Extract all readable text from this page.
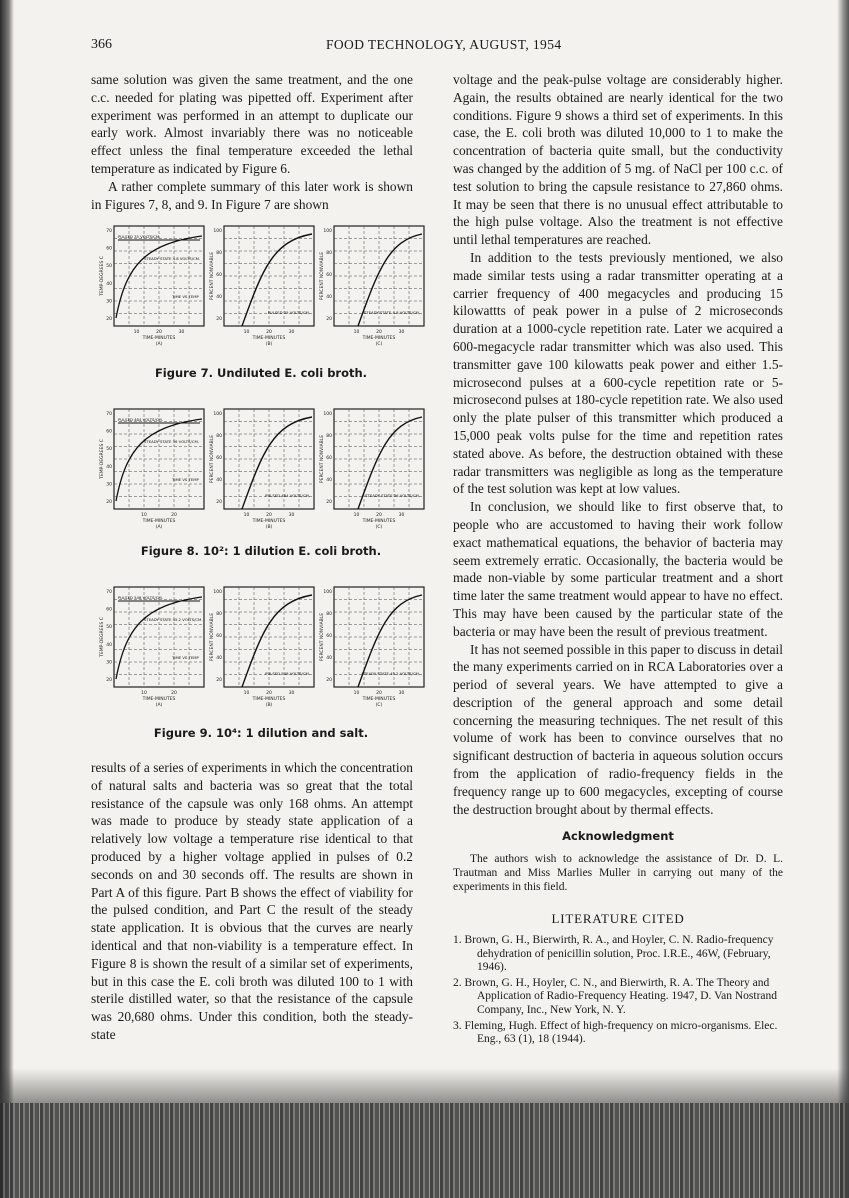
366	FOOD TECHNOLOGY, AUGUST, 1954

same solution was given the same treatment, and the one c.c. needed for plating was pipetted off. Experiment after experiment was performed in an attempt to duplicate our early work. Almost invariably there was no noticeable effect unless the final temperature exceeded the lethal temperature as indicated by Figure 6.

A rather complete summary of this later work is shown in Figures 7, 8, and 9. In Figure 7 are shown

70
60
50
40
30
20
10	20	30
TIME-MINUTES
(A)
TEMP-DEGREES C
PULSED 35 VOLTS/CM.
STEADY STATE 4.8 VOLTS/CM.
TIME VS TEMP
100
80
60
40
20
10	20	30
TIME-MINUTES
(B)
PERCENT NONVIABLE
PULSED 35 VOLTS/CM.
100
80
60
40
20
10	20	30
TIME-MINUTES
(C)
PERCENT NONVIABLE
STEADY STATE 4.8 VOLTS/CM.
Figure 7. Undiluted E. coli broth.
70
60
50
40
30
20
10	20
TIME-MINUTES
(A)
TEMP-DEGREES C
PULSED 484 VOLTS/CM.
STEADY STATE 36 VOLTS/CM.
TIME VS TEMP
100
80
60
40
20
10	20	30
TIME-MINUTES
(B)
PERCENT NONVIABLE
PULSED 484 VOLTS/CM.
100
80
60
40
20
10	20	30
TIME-MINUTES
(C)
PERCENT NONVIABLE
STEADY STATE 36 VOLTS/CM.
Figure 8. 10²: 1 dilution E. coli broth.
70
60
50
40
30
20
10	20
TIME-MINUTES
(A)
TEMP-DEGREES C
PULSED 548 VOLTS/CM.
STEADY STATE 45.2 VOLTS/CM.
TIME VS TEMP
100
80
60
40
20
10	20	30
TIME-MINUTES
(B)
PERCENT NONVIABLE
PULSED 548 VOLTS/CM.
100
80
60
40
20
10	20	30
TIME-MINUTES
(C)
PERCENT NONVIABLE
STEADY STATE 45.2 VOLTS/CM.
Figure 9. 10⁴: 1 dilution and salt.

results of a series of experiments in which the concentration of natural salts and bacteria was so great that the total resistance of the capsule was only 168 ohms. An attempt was made to produce by steady state application of a relatively low voltage a temperature rise identical to that produced by a higher voltage applied in pulses of 0.2 seconds on and 30 seconds off. The results are shown in Part A of this figure. Part B shows the effect of viability for the pulsed condition, and Part C the result of the steady state application. It is obvious that the curves are nearly identical and that non-viability is a temperature effect. In Figure 8 is shown the result of a similar set of experiments, but in this case the E. coli broth was diluted 100 to 1 with sterile distilled water, so that the resistance of the capsule was 20,680 ohms. Under this condition, both the steady-state

voltage and the peak-pulse voltage are considerably higher. Again, the results obtained are nearly identical for the two conditions. Figure 9 shows a third set of experiments. In this case, the E. coli broth was diluted 10,000 to 1 to make the concentration of bacteria quite small, but the conductivity was changed by the addition of 5 mg. of NaCl per 100 c.c. of test solution to bring the capsule resistance to 27,860 ohms. It may be seen that there is no unusual effect attributable to the high pulse voltage. Also the treatment is not effective until lethal temperatures are reached.

In addition to the tests previously mentioned, we also made similar tests using a radar transmitter operating at a carrier frequency of 400 megacycles and producing 15 kilowattts of peak power in a pulse of 2 microseconds duration at a 1000-cycle repetition rate. Later we acquired a 600-megacycle radar transmitter which was also used. This transmitter gave 100 kilowatts peak power and either 1.5-microsecond pulses at a 600-cycle repetition rate or 5-microsecond pulses at 180-cycle repetition rate. We also used only the plate pulser of this transmitter which produced a 15,000 peak volts pulse for the time and repetition rates stated above. As before, the destruction obtained with these radar transmitters was negligible as long as the temperature of the test solution was kept at low values.

In conclusion, we should like to first observe that, to people who are accustomed to having their work follow exact mathematical equations, the behavior of bacteria may seem extremely erratic. Occasionally, the bacteria would be made non-viable by some particular treatment and a short time later the same treatment would appear to have no effect. This may have been caused by the particular state of the bacteria or may have been the result of previous treatment.

It has not seemed possible in this paper to discuss in detail the many experiments carried on in RCA Laboratories over a period of several years. We have attempted to give a description of the general approach and some detail concerning the measuring techniques. The net result of this volume of work has been to convince ourselves that no significant destruction of bacteria in aqueous solution occurs from the application of radio-frequency fields in the frequency range up to 600 megacycles, excepting of course the destruction brought about by thermal effects.

Acknowledgment
The authors wish to acknowledge the assistance of Dr. D. L. Trautman and Miss Marlies Muller in carrying out many of the experiments in this field.
LITERATURE CITED
1. Brown, G. H., Bierwirth, R. A., and Hoyler, C. N. Radio-frequency dehydration of penicillin solution, Proc. I.R.E., 46W, (February, 1946).
2. Brown, G. H., Hoyler, C. N., and Bierwirth, R. A. The Theory and Application of Radio-Frequency Heating. 1947, D. Van Nostrand Company, Inc., New York, N. Y.
3. Fleming, Hugh. Effect of high-frequency on micro-organisms. Elec. Eng., 63 (1), 18 (1944).
